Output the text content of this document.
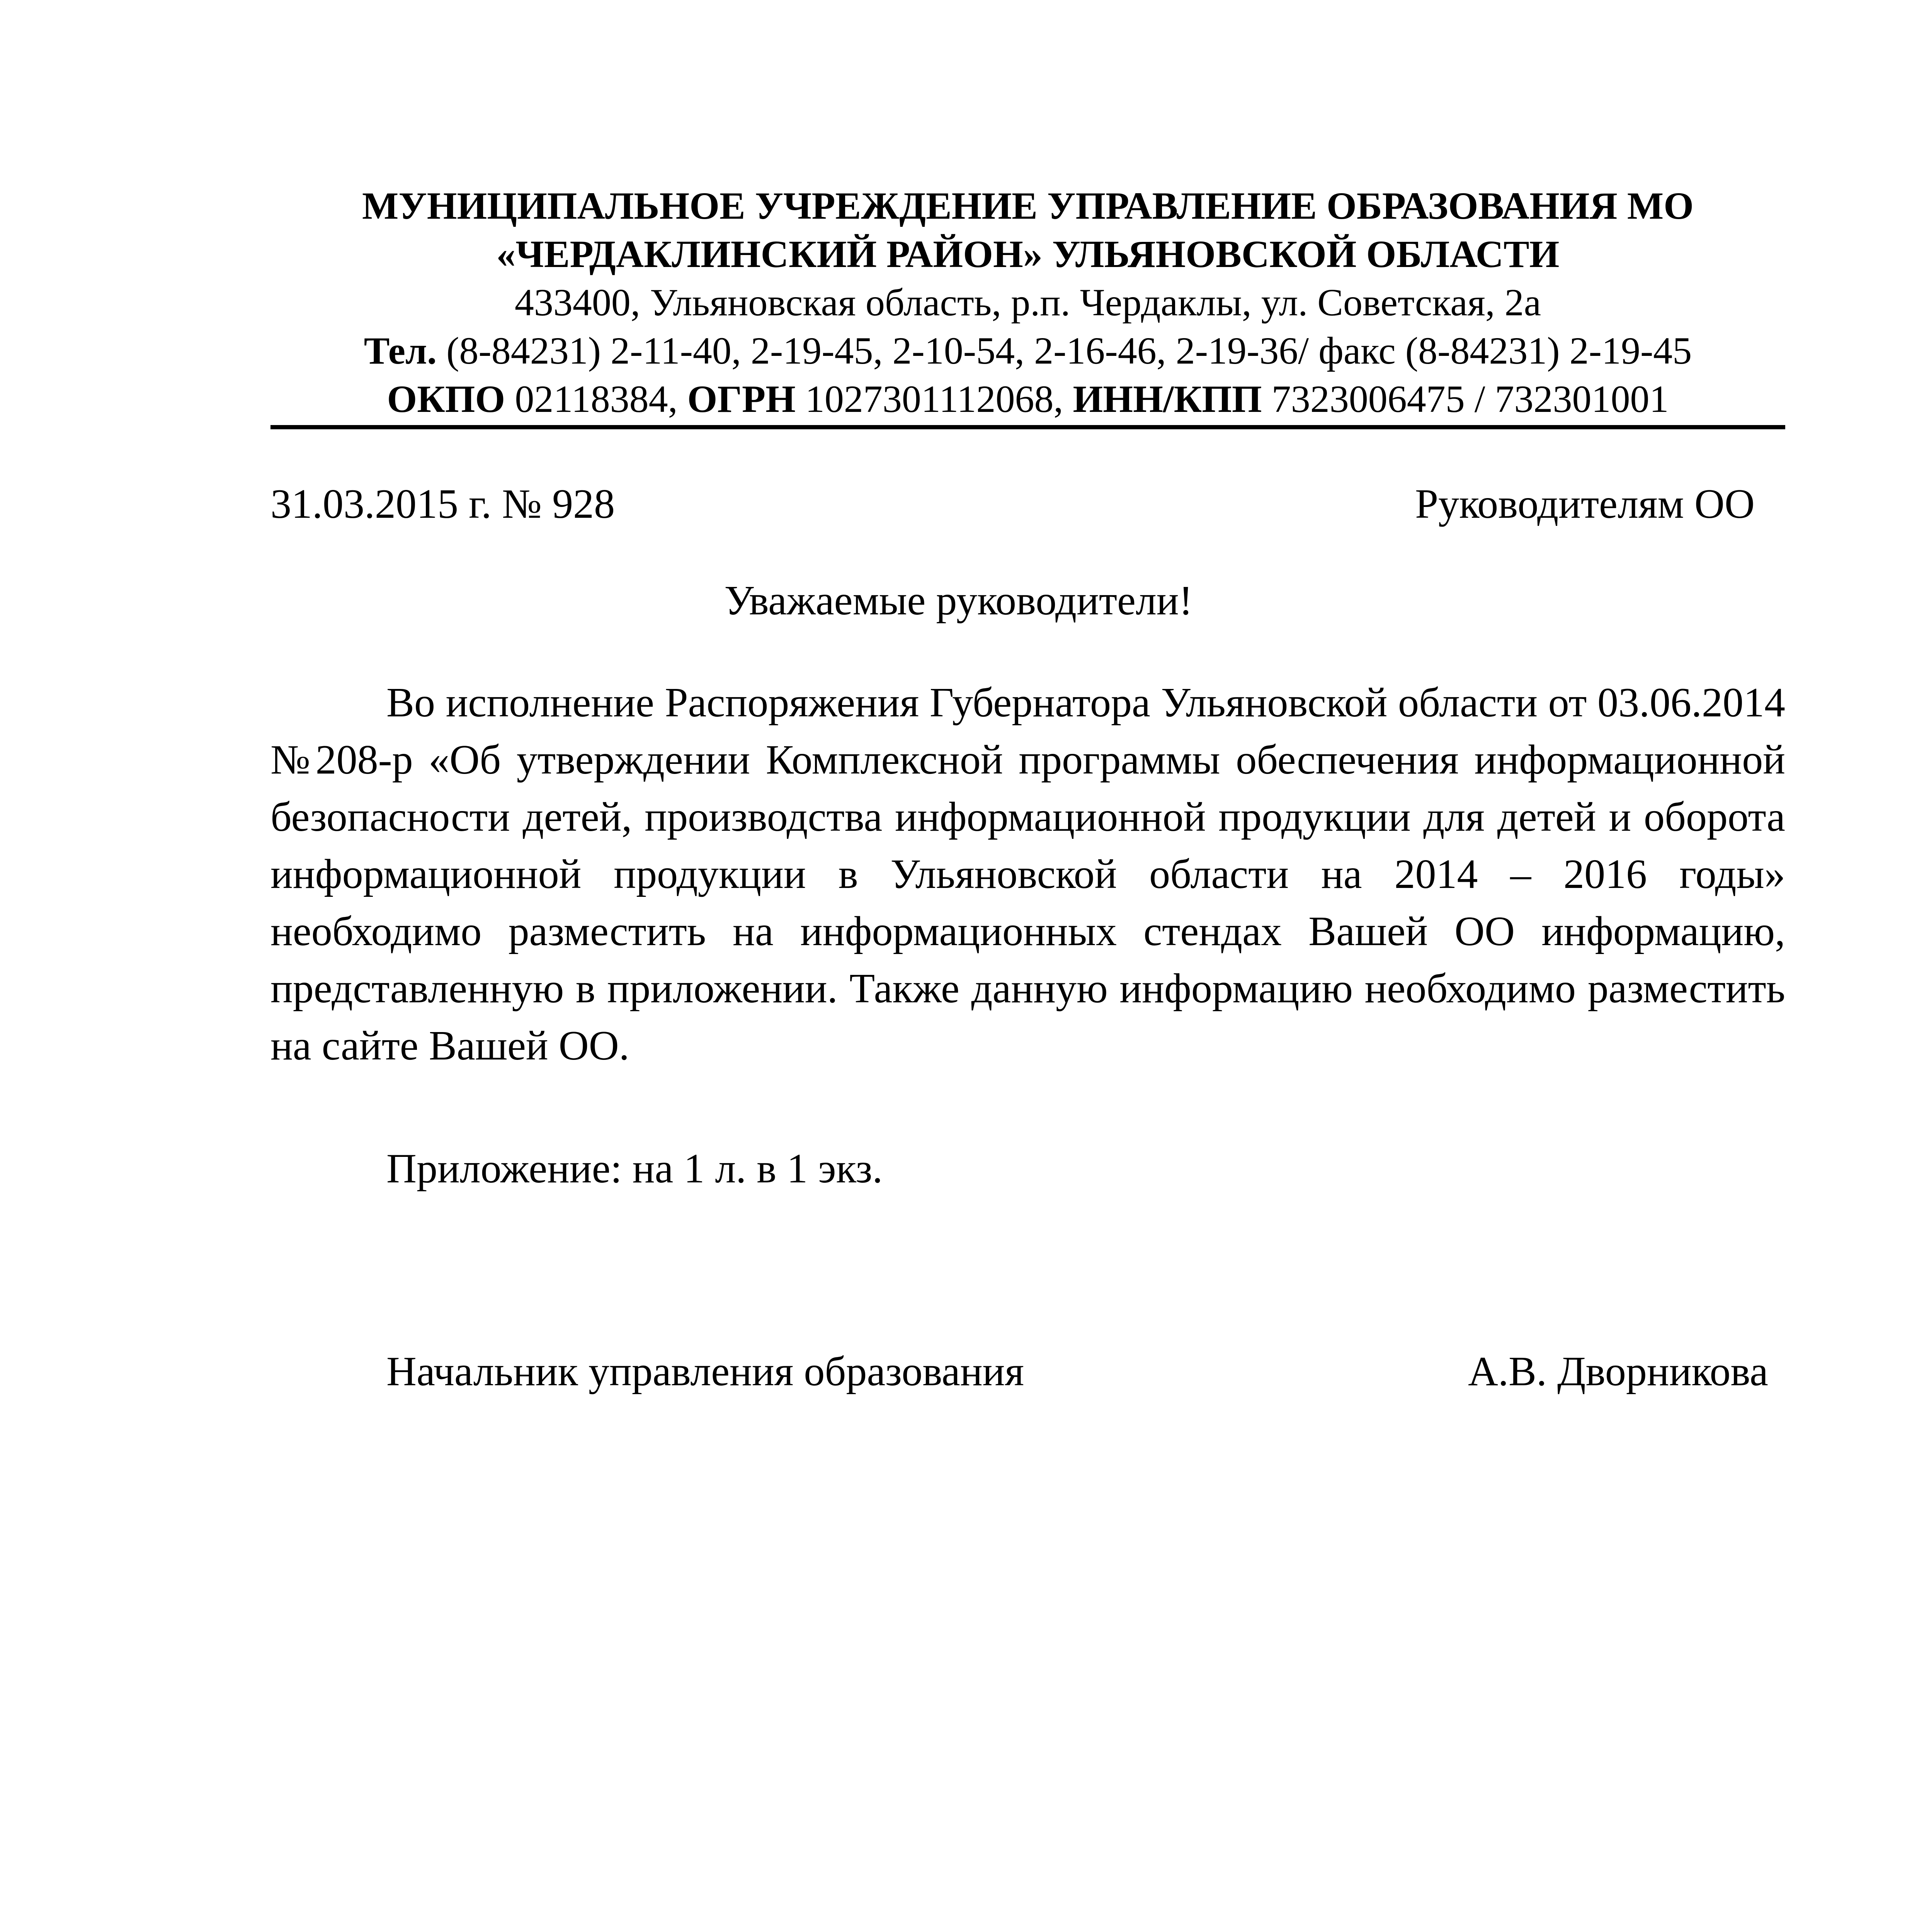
МУНИЦИПАЛЬНОЕ УЧРЕЖДЕНИЕ УПРАВЛЕНИЕ ОБРАЗОВАНИЯ МО
«ЧЕРДАКЛИНСКИЙ РАЙОН» УЛЬЯНОВСКОЙ ОБЛАСТИ
433400, Ульяновская область, р.п. Чердаклы, ул. Советская, 2а
Тел. (8-84231) 2-11-40, 2-19-45, 2-10-54, 2-16-46, 2-19-36/ факс (8-84231) 2-19-45
ОКПО 02118384, ОГРН 1027301112068, ИНН/КПП 7323006475 / 732301001
31.03.2015 г. № 928	Руководителям ОО
Уважаемые руководители!

Во исполнение Распоряжения Губернатора Ульяновской области от 03.06.2014 №208-р «Об утверждении Комплексной программы обеспечения информационной безопасности детей, производства информационной продукции для детей и оборота информационной продукции в Ульяновской области на 2014 – 2016 годы» необходимо разместить на информационных стендах Вашей ОО информацию, представленную в приложении. Также данную информацию необходимо разместить на сайте Вашей ОО.

Приложение: на 1 л. в 1 экз.
Начальник управления образования	А.В. Дворникова
